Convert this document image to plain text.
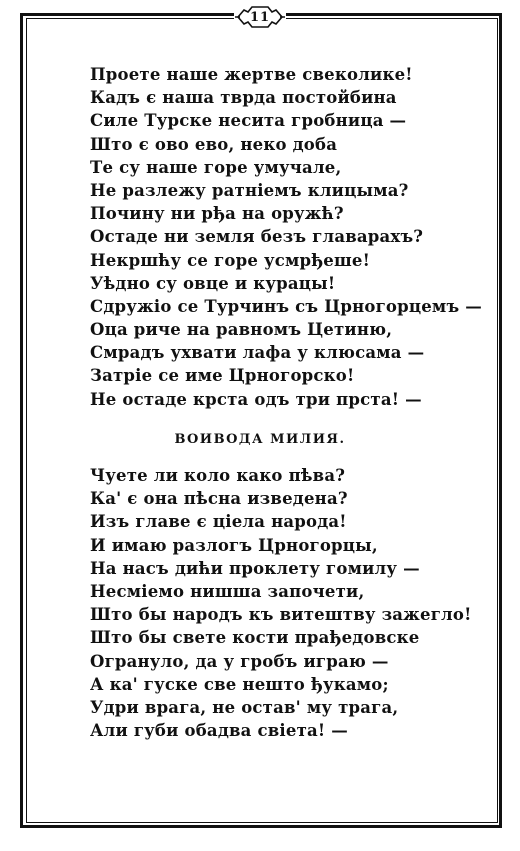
11
Проете наше жертве свеколике!
Кадъ є наша тврда постойбина
Силе Турске несита гробница —
Што є ово ево, неко доба
Те су наше горе умучале,
Не разлежу ратнiемъ клицыма?
Почину ни рђа на оружћ?
Остаде ни земля безъ главарахъ?
Некршћу се горе усмрђеше!
Уѣдно су овце и курацы!
Сдружiо се Турчинъ съ Црногорцемъ —
Оца риче на равномъ Цетиню,
Смрадъ ухвати лафа у клюсама —
Затрiе се име Црногорско!
Не остаде крста одъ три прста! —
ВОИВОДА МИЛИЯ.
Чуете ли коло како пѣва?
Ка' є она пѣсна изведена?
Изъ главе є цiела народа!
И имаю разлогъ Црногорцы,
На насъ дићи проклету гомилу —
Несмiемо нишша започети,
Што бы народъ къ витештву зажегло!
Што бы свете кости прађедовске
Огрануло, да у гробъ играю —
А ка' гуске све нешто ђукамо;
Удри врага, не остав' му трага,
Али губи обадва свiета! —
